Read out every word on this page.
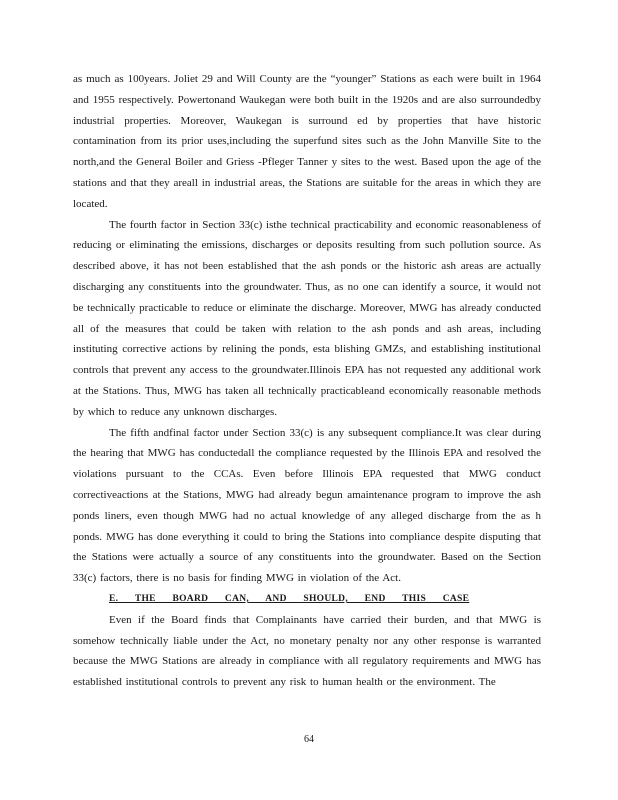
as much as 100years. Joliet 29 and Will County are the “younger” Stations as each were built in 1964 and 1955 respectively. Powertonand Waukegan were both built in the 1920s and are also surroundedby industrial properties. Moreover, Waukegan is surround ed by properties that have historic contamination from its prior uses,including the superfund sites such as the John Manville Site to the north,and the General Boiler and Griess -Pfleger Tanner y sites to the west. Based upon the age of the stations and that they areall in industrial areas, the Stations are suitable for the areas in which they are located.

The fourth factor in Section 33(c) isthe technical practicability and economic reasonableness of reducing or eliminating the emissions, discharges or deposits resulting from such pollution source. As described above, it has not been established that the ash ponds or the historic ash areas are actually discharging any constituents into the groundwater. Thus, as no one can identify a source, it would not be technically practicable to reduce or eliminate the discharge. Moreover, MWG has already conducted all of the measures that could be taken with relation to the ash ponds and ash areas, including instituting corrective actions by relining the ponds, esta blishing GMZs, and establishing institutional controls that prevent any access to the groundwater.Illinois EPA has not requested any additional work at the Stations. Thus, MWG has taken all technically practicableand economically reasonable methods by which to reduce any unknown discharges.

The fifth andfinal factor under Section 33(c) is any subsequent compliance.It was clear during the hearing that MWG has conductedall the compliance requested by the Illinois EPA and resolved the violations pursuant to the CCAs. Even before Illinois EPA requested that MWG conduct correctiveactions at the Stations, MWG had already begun amaintenance program to improve the ash ponds liners, even though MWG had no actual knowledge of any alleged discharge from the as h ponds. MWG has done everything it could to bring the Stations into compliance despite disputing that the Stations were actually a source of any constituents into the groundwater. Based on the Section 33(c) factors, there is no basis for finding MWG in violation of the Act.

E. THE BOARD CAN, AND SHOULD, END THIS CASE

Even if the Board finds that Complainants have carried their burden, and that MWG is somehow technically liable under the Act, no monetary penalty nor any other response is warranted because the MWG Stations are already in compliance with all regulatory requirements and MWG has established institutional controls to prevent any risk to human health or the environment. The

64
